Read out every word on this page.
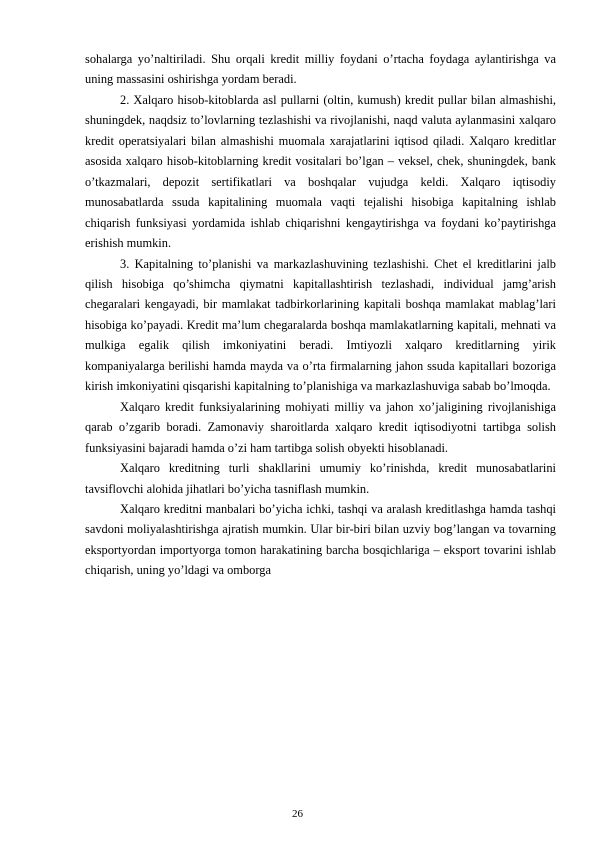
sohalarga yo’naltiriladi. Shu orqali kredit milliy foydani o’rtacha foydaga aylantirishga va uning massasini oshirishga yordam beradi.

2. Xalqaro hisob-kitoblarda asl pullarni (oltin, kumush) kredit pullar bilan almashishi, shuningdek, naqdsiz to’lovlarning tezlashishi va rivojlanishi, naqd valuta aylanmasini xalqaro kredit operatsiyalari bilan almashishi muomala xarajatlarini iqtisod qiladi. Xalqaro kreditlar asosida xalqaro hisob-kitoblarning kredit vositalari bo’lgan – veksel, chek, shuningdek, bank o’tkazmalari, depozit sertifikatlari va boshqalar vujudga keldi. Xalqaro iqtisodiy munosabatlarda ssuda kapitalining muomala vaqti tejalishi hisobiga kapitalning ishlab chiqarish funksiyasi yordamida ishlab chiqarishni kengaytirishga va foydani ko’paytirishga erishish mumkin.

3. Kapitalning to’planishi va markazlashuvining tezlashishi. Chet el kreditlarini jalb qilish hisobiga qo’shimcha qiymatni kapitallashtirish tezlashadi, individual jamg’arish chegaralari kengayadi, bir mamlakat tadbirkorlarining kapitali boshqa mamlakat mablag’lari hisobiga ko’payadi. Kredit ma’lum chegaralarda boshqa mamlakatlarning kapitali, mehnati va mulkiga egalik qilish imkoniyatini beradi. Imtiyozli xalqaro kreditlarning yirik kompaniyalarga berilishi hamda mayda va o’rta firmalarning jahon ssuda kapitallari bozoriga kirish imkoniyatini qisqarishi kapitalning to’planishiga va markazlashuviga sabab bo’lmoqda.

Xalqaro kredit funksiyalarining mohiyati milliy va jahon xo’jaligining rivojlanishiga qarab o’zgarib boradi. Zamonaviy sharoitlarda xalqaro kredit iqtisodiyotni tartibga solish funksiyasini bajaradi hamda o’zi ham tartibga solish obyekti hisoblanadi.

Xalqaro kreditning turli shakllarini umumiy ko’rinishda, kredit munosabatlarini tavsiflovchi alohida jihatlari bo’yicha tasniflash mumkin.

Xalqaro kreditni manbalari bo’yicha ichki, tashqi va aralash kreditlashga hamda tashqi savdoni moliyalashtirishga ajratish mumkin. Ular bir-biri bilan uzviy bog’langan va tovarning eksportyordan importyorga tomon harakatining barcha bosqichlariga – eksport tovarini ishlab chiqarish, uning yo’ldagi va omborga

26
